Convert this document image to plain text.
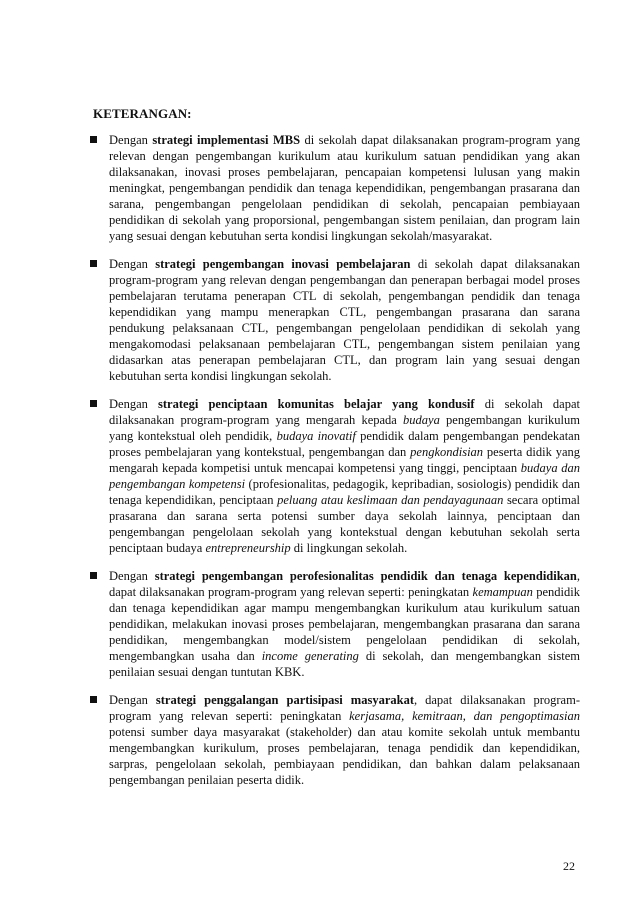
KETERANGAN:
Dengan strategi implementasi MBS di sekolah dapat dilaksanakan program-program yang relevan dengan pengembangan kurikulum atau kurikulum satuan pendidikan yang akan dilaksanakan, inovasi proses pembelajaran, pencapaian kompetensi lulusan yang makin meningkat, pengembangan pendidik dan tenaga kependidikan, pengembangan prasarana dan sarana, pengembangan pengelolaan pendidikan di sekolah, pencapaian pembiayaan pendidikan di sekolah yang proporsional, pengembangan sistem penilaian, dan program lain yang sesuai dengan kebutuhan serta kondisi lingkungan sekolah/masyarakat.
Dengan strategi pengembangan inovasi pembelajaran di sekolah dapat dilaksanakan program-program yang relevan dengan pengembangan dan penerapan berbagai model proses pembelajaran terutama penerapan CTL di sekolah, pengembangan pendidik dan tenaga kependidikan yang mampu menerapkan CTL, pengembangan prasarana dan sarana pendukung pelaksanaan CTL, pengembangan pengelolaan pendidikan di sekolah yang mengakomodasi pelaksanaan pembelajaran CTL, pengembangan sistem penilaian yang didasarkan atas penerapan pembelajaran CTL, dan program lain yang sesuai dengan kebutuhan serta kondisi lingkungan sekolah.
Dengan strategi penciptaan komunitas belajar yang kondusif di sekolah dapat dilaksanakan program-program yang mengarah kepada budaya pengembangan kurikulum yang kontekstual oleh pendidik, budaya inovatif pendidik dalam pengembangan pendekatan proses pembelajaran yang kontekstual, pengembangan dan pengkondisian peserta didik yang mengarah kepada kompetisi untuk mencapai kompetensi yang tinggi, penciptaan budaya dan pengembangan kompetensi (profesionalitas, pedagogik, kepribadian, sosiologis) pendidik dan tenaga kependidikan, penciptaan peluang atau keslimaan dan pendayagunaan secara optimal prasarana dan sarana serta potensi sumber daya sekolah lainnya, penciptaan dan pengembangan pengelolaan sekolah yang kontekstual dengan kebutuhan sekolah serta penciptaan budaya entrepreneurship di lingkungan sekolah.
Dengan strategi pengembangan perofesionalitas pendidik dan tenaga kependidikan, dapat dilaksanakan program-program yang relevan seperti: peningkatan kemampuan pendidik dan tenaga kependidikan agar mampu mengembangkan kurikulum atau kurikulum satuan pendidikan, melakukan inovasi proses pembelajaran, mengembangkan prasarana dan sarana pendidikan, mengembangkan model/sistem pengelolaan pendidikan di sekolah, mengembangkan usaha dan income generating di sekolah, dan mengembangkan sistem penilaian sesuai dengan tuntutan KBK.
Dengan strategi penggalangan partisipasi masyarakat, dapat dilaksanakan program-program yang relevan seperti: peningkatan kerjasama, kemitraan, dan pengoptimasian potensi sumber daya masyarakat (stakeholder) dan atau komite sekolah untuk membantu mengembangkan kurikulum, proses pembelajaran, tenaga pendidik dan kependidikan, sarpras, pengelolaan sekolah, pembiayaan pendidikan, dan bahkan dalam pelaksanaan pengembangan penilaian peserta didik.
22
